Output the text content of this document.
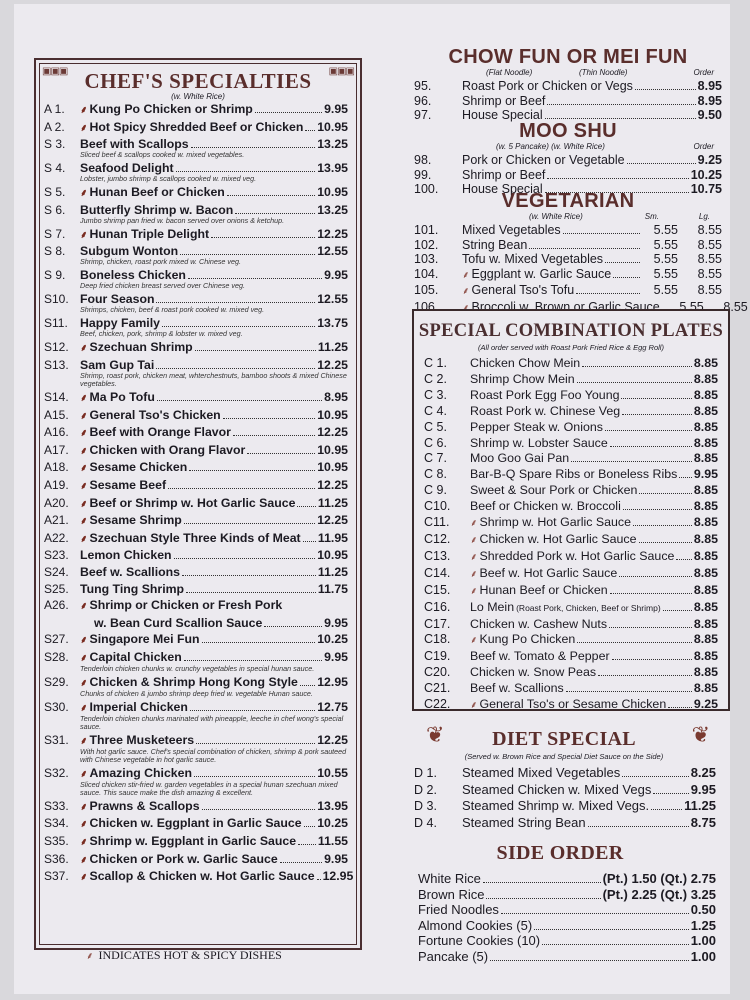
▣▣▣	▣▣▣
CHEF'S SPECIALTIES
(w. White Rice)
A 1.	⸙ Kung Po Chicken or Shrimp	9.95
A 2.	⸙ Hot Spicy Shredded Beef or Chicken 10.95
S 3.	Beef with Scallops	13.25
Sliced beef & scallops cooked w. mixed vegetables.
S 4.	Seafood Delight	13.95
Lobster, jumbo shrimp & scallops cooked w. mixed veg.
S 5.	⸙ Hunan Beef or Chicken	10.95
S 6.	Butterfly Shrimp w. Bacon	13.25
Jumbo shrimp pan fried w. bacon served over onions & ketchup.
S 7.	⸙ Hunan Triple Delight	12.25
S 8.	Subgum Wonton	12.55
Shrimp, chicken, roast pork mixed w. Chinese veg.
S 9.	Boneless Chicken	9.95
Deep fried chicken breast served over Chinese veg.
S10. Four Season	12.55
Shrimps, chicken, beef & roast pork cooked w. mixed veg.
S11. Happy Family	13.75
Beef, chicken, pork, shrimp & lobster w. mixed veg.
S12.	⸙ Szechuan Shrimp	11.25
S13. Sam Gup Tai	12.25
Shrimp, roast pork, chicken meat, whterchestnuts, bamboo shoots & mixed Chinese vegetables.
S14.	⸙ Ma Po Tofu	8.95
A15.	⸙ General Tso's Chicken	10.95
A16.	⸙ Beef with Orange Flavor	12.25
A17.	⸙ Chicken with Orang Flavor	10.95
A18.	⸙ Sesame Chicken	10.95
A19.	⸙ Sesame Beef	12.25
A20.	⸙ Beef or Shrimp w. Hot Garlic Sauce 11.25
A21.	⸙ Sesame Shrimp	12.25
A22.	⸙ Szechuan Style Three Kinds of Meat 11.95
S23. Lemon Chicken	10.95
S24. Beef w. Scallions	11.25
S25. Tung Ting Shrimp	11.75
A26.	⸙ Shrimp or Chicken or Fresh Pork
w. Bean Curd Scallion Sauce	9.95
S27.	⸙ Singapore Mei Fun	10.25
S28.	⸙ Capital Chicken	9.95
Tenderloin chicken chunks w. crunchy vegetables in special hunan sauce.
S29.	⸙ Chicken & Shrimp Hong Kong Style 12.95
Chunks of chicken & jumbo shrimp deep fried w. vegetable Hunan sauce.
S30.	⸙ Imperial Chicken	12.75
Tenderloin chicken chunks marinated with pineapple, leeche in chef wong's special sauce.
S31.	⸙ Three Musketeers	12.25
With hot garlic sauce. Chef's special combination of chicken, shrimp & pork sauteed with Chinese vegetable in hot garlic sauce.
S32.	⸙ Amazing Chicken	10.55
Sliced chicken stir-fried w. garden vegetables in a special hunan szechuan mixed sauce. This sauce make the dish amazing & excellent.
S33.	⸙ Prawns & Scallops	13.95
S34.	⸙ Chicken w. Eggplant in Garlic Sauce 10.25
S35.	⸙ Shrimp w. Eggplant in Garlic Sauce 11.55
S36.	⸙ Chicken or Pork w. Garlic Sauce	9.95
S37.	⸙ Scallop & Chicken w. Hot Garlic Sauce 12.95
⸙ INDICATES HOT & SPICY DISHES
CHOW FUN OR MEI FUN
(Flat Noodle)	(Thin Noodle)	Order
95.	Roast Pork or Chicken or Vegs	8.95
96.	Shrimp or Beef	8.95
97.	House Special	9.50
MOO SHU
(w. 5 Pancake) (w. White Rice)	Order
98.	Pork or Chicken or Vegetable	9.25
99.	Shrimp or Beef	10.25
100.	House Special	10.75
VEGETARIAN
(w. White Rice)	Sm.	Lg.
101.	Mixed Vegetables	5.55	8.55
102.	String Bean	5.55	8.55
103.	Tofu w. Mixed Vegetables	5.55	8.55
104.	⸙ Eggplant w. Garlic Sauce	5.55	8.55
105.	⸙ General Tso's Tofu	5.55	8.55
106.	⸙ Broccoli w. Brown or Garlic Sauce	5.55	8.55
SPECIAL COMBINATION PLATES
(All order served with Roast Pork Fried Rice & Egg Roll)
C 1.	Chicken Chow Mein	8.85
C 2.	Shrimp Chow Mein	8.85
C 3.	Roast Pork Egg Foo Young	8.85
C 4.	Roast Pork w. Chinese Veg	8.85
C 5.	Pepper Steak w. Onions	8.85
C 6.	Shrimp w. Lobster Sauce	8.85
C 7.	Moo Goo Gai Pan	8.85
C 8.	Bar-B-Q Spare Ribs or Boneless Ribs 9.95
C 9.	Sweet & Sour Pork or Chicken	8.85
C10.	Beef or Chicken w. Broccoli	8.85
C11.	⸙ Shrimp w. Hot Garlic Sauce	8.85
C12.	⸙ Chicken w. Hot Garlic Sauce	8.85
C13.	⸙ Shredded Pork w. Hot Garlic Sauce 8.85
C14.	⸙ Beef w. Hot Garlic Sauce	8.85
C15.	⸙ Hunan Beef or Chicken	8.85
C16.	Lo Mein (Roast Pork, Chicken, Beef or Shrimp)	8.85
C17.	Chicken w. Cashew Nuts	8.85
C18.	⸙ Kung Po Chicken	8.85
C19.	Beef w. Tomato & Pepper	8.85
C20.	Chicken w. Snow Peas	8.85
C21.	Beef w. Scallions	8.85
C22.	⸙ General Tso's or Sesame Chicken 9.25
❦	DIET SPECIAL	❦
(Served w. Brown Rice and Special Diet Sauce on the Side)
D 1.	Steamed Mixed Vegetables	8.25
D 2.	Steamed Chicken w. Mixed Vegs	9.95
D 3.	Steamed Shrimp w. Mixed Vegs.	11.25
D 4.	Steamed String Bean	8.75
SIDE ORDER
White Rice	(Pt.) 1.50 (Qt.) 2.75
Brown Rice	(Pt.) 2.25 (Qt.) 3.25
Fried Noodles	0.50
Almond Cookies (5)	1.25
Fortune Cookies (10)	1.00
Pancake (5)	1.00
